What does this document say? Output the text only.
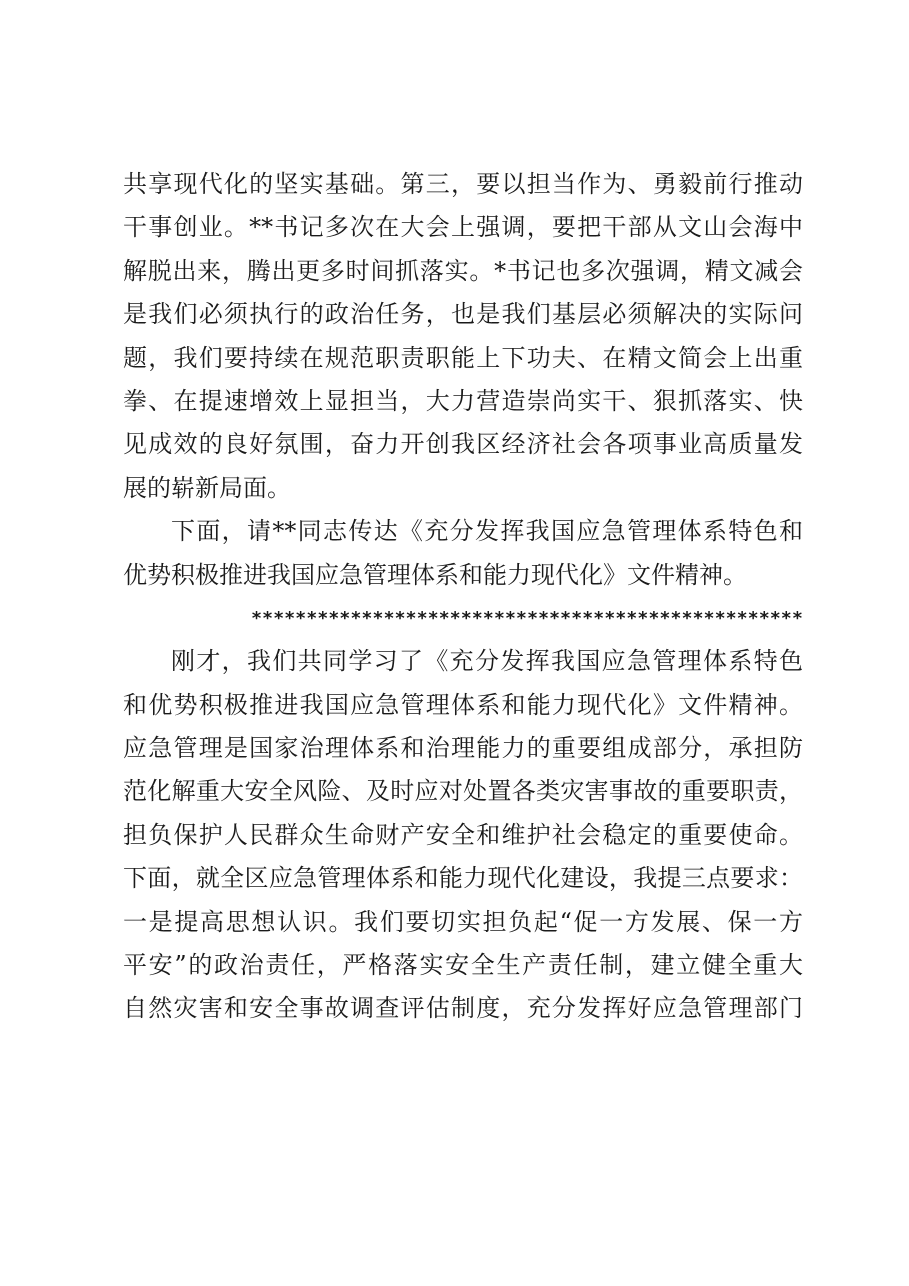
共享现代化的坚实基础。第三，要以担当作为、勇毅前行推动
干事创业。**书记多次在大会上强调，要把干部从文山会海中
解脱出来，腾出更多时间抓落实。*书记也多次强调，精文减会
是我们必须执行的政治任务，也是我们基层必须解决的实际问
题，我们要持续在规范职责职能上下功夫、在精文简会上出重
拳、在提速增效上显担当，大力营造崇尚实干、狠抓落实、快
见成效的良好氛围，奋力开创我区经济社会各项事业高质量发
展的崭新局面。
下面，请**同志传达《充分发挥我国应急管理体系特色和
优势积极推进我国应急管理体系和能力现代化》文件精神。
**************************************************
刚才，我们共同学习了《充分发挥我国应急管理体系特色
和优势积极推进我国应急管理体系和能力现代化》文件精神。
应急管理是国家治理体系和治理能力的重要组成部分，承担防
范化解重大安全风险、及时应对处置各类灾害事故的重要职责，
担负保护人民群众生命财产安全和维护社会稳定的重要使命。
下面，就全区应急管理体系和能力现代化建设，我提三点要求：
一是提高思想认识。我们要切实担负起“促一方发展、保一方
平安”的政治责任，严格落实安全生产责任制，建立健全重大
自然灾害和安全事故调查评估制度，充分发挥好应急管理部门
